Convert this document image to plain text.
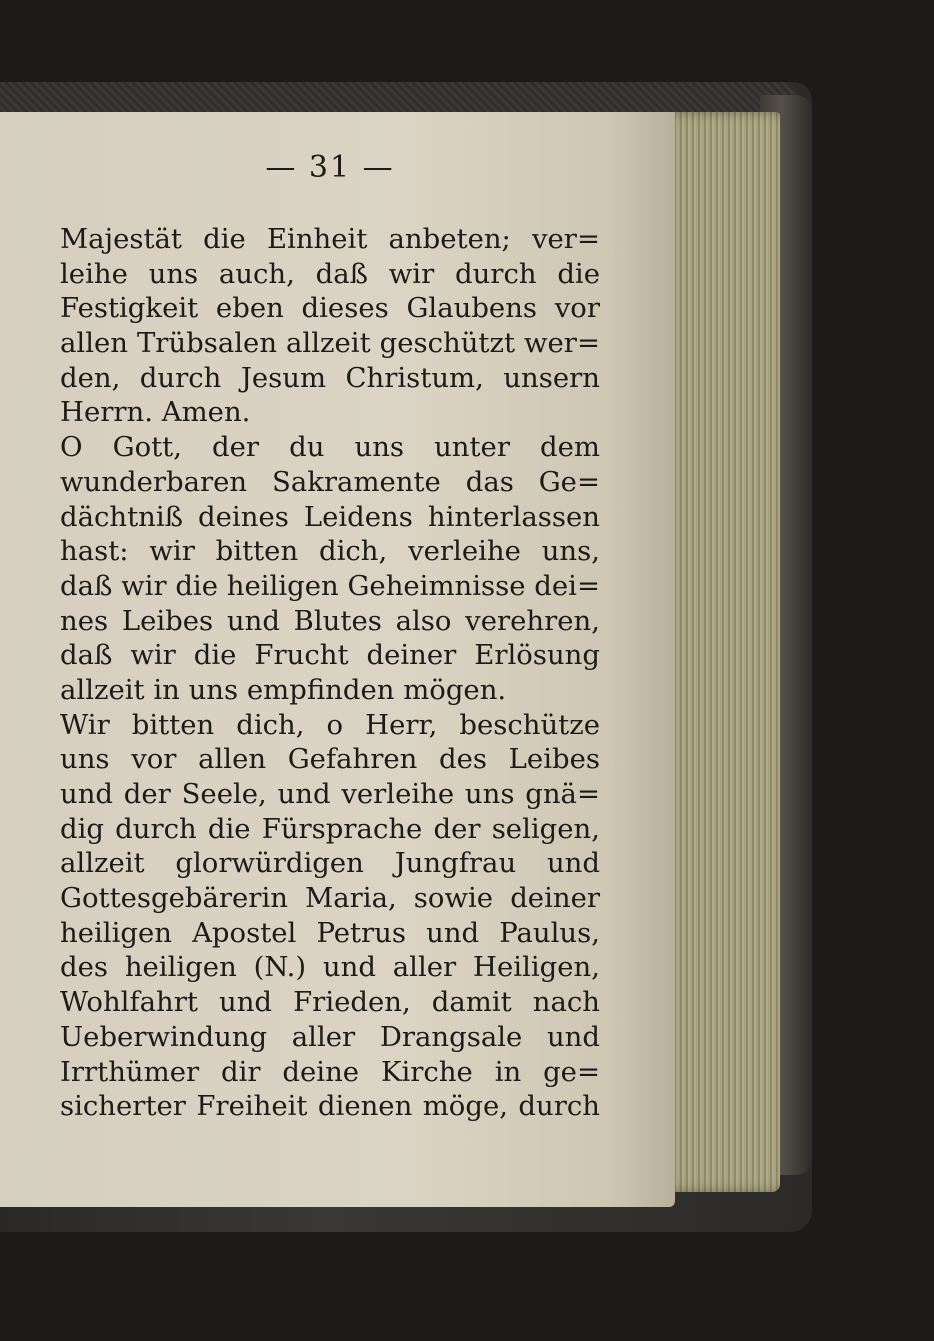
— 31 —
Majestät die Einheit anbeten; ver=
leihe uns auch, daß wir durch die
Festigkeit eben dieses Glaubens vor
allen Trübsalen allzeit geschützt wer=
den, durch Jesum Christum, unsern
Herrn. Amen.
O Gott, der du uns unter dem
wunderbaren Sakramente das Ge=
dächtniß deines Leidens hinterlassen
hast: wir bitten dich, verleihe uns,
daß wir die heiligen Geheimnisse dei=
nes Leibes und Blutes also verehren,
daß wir die Frucht deiner Erlösung
allzeit in uns empfinden mögen.
Wir bitten dich, o Herr, beschütze
uns vor allen Gefahren des Leibes
und der Seele, und verleihe uns gnä=
dig durch die Fürsprache der seligen,
allzeit glorwürdigen Jungfrau und
Gottesgebärerin Maria, sowie deiner
heiligen Apostel Petrus und Paulus,
des heiligen (N.) und aller Heiligen,
Wohlfahrt und Frieden, damit nach
Ueberwindung aller Drangsale und
Irrthümer dir deine Kirche in ge=
sicherter Freiheit dienen möge, durch
